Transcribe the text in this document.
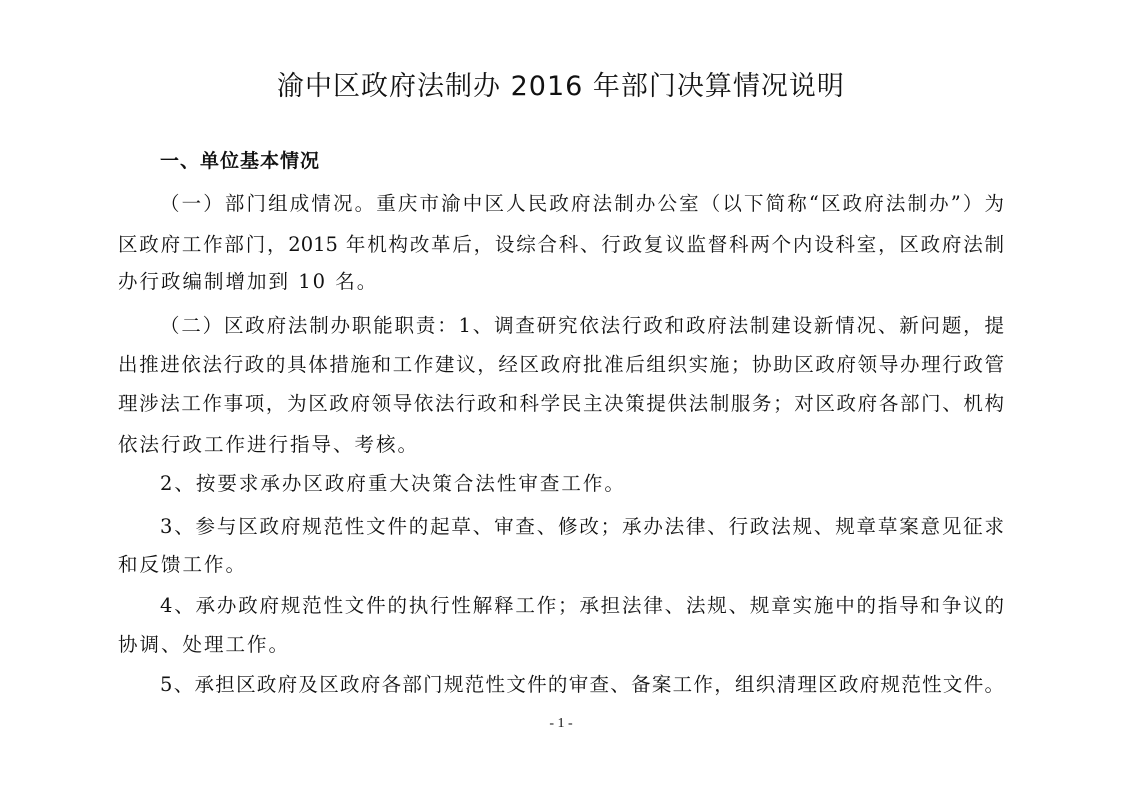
渝中区政府法制办 2016 年部门决算情况说明
一、单位基本情况
（一）部门组成情况。重庆市渝中区人民政府法制办公室（以下简称“区政府法制办”）为
区政府工作部门，2015 年机构改革后，设综合科、行政复议监督科两个内设科室，区政府法制
办行政编制增加到 10 名。
（二）区政府法制办职能职责：1、调查研究依法行政和政府法制建设新情况、新问题，提
出推进依法行政的具体措施和工作建议，经区政府批准后组织实施；协助区政府领导办理行政管
理涉法工作事项，为区政府领导依法行政和科学民主决策提供法制服务；对区政府各部门、机构
依法行政工作进行指导、考核。
2、按要求承办区政府重大决策合法性审查工作。
3、参与区政府规范性文件的起草、审查、修改；承办法律、行政法规、规章草案意见征求
和反馈工作。
4、承办政府规范性文件的执行性解释工作；承担法律、法规、规章实施中的指导和争议的
协调、处理工作。
5、承担区政府及区政府各部门规范性文件的审查、备案工作，组织清理区政府规范性文件。
- 1 -
